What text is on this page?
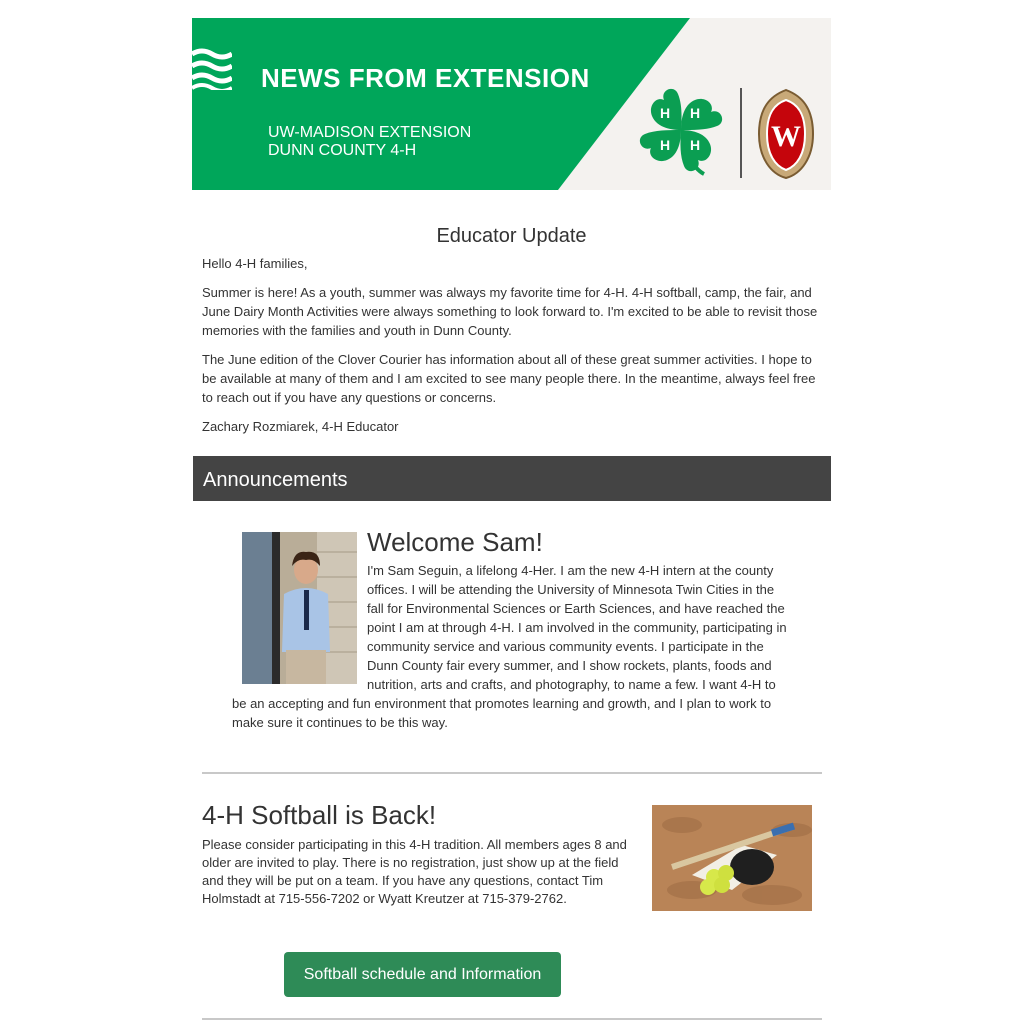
NEWS FROM EXTENSION
UW-MADISON EXTENSION
DUNN COUNTY 4-H
H H
H
H	W
Educator Update
Hello 4-H families,
Summer is here! As a youth, summer was always my favorite time for 4-H. 4-H softball, camp, the fair, and June Dairy Month Activities were always something to look forward to. I'm excited to be able to revisit those memories with the families and youth in Dunn County.
The June edition of the Clover Courier has information about all of these great summer activities. I hope to be available at many of them and I am excited to see many people there. In the meantime, always feel free to reach out if you have any questions or concerns.
Zachary Rozmiarek, 4-H Educator
Announcements
Welcome Sam!
I'm Sam Seguin, a lifelong 4-Her. I am the new 4-H intern at the county offices. I will be attending the University of Minnesota Twin Cities in the fall for Environmental Sciences or Earth Sciences, and have reached the point I am at through 4-H. I am involved in the community, participating in community service and various community events. I participate in the Dunn County fair every summer, and I show rockets, plants, foods and nutrition, arts and crafts, and photography, to name a few. I want 4-H to be an accepting and fun environment that promotes learning and growth, and I plan to work to make sure it continues to be this way.
4-H Softball is Back!
Please consider participating in this 4-H tradition. All members ages 8 and older are invited to play. There is no registration, just show up at the field and they will be put on a team. If you have any questions, contact Tim Holmstadt at 715-556-7202 or Wyatt Kreutzer at 715-379-2762.
Softball schedule and Information
